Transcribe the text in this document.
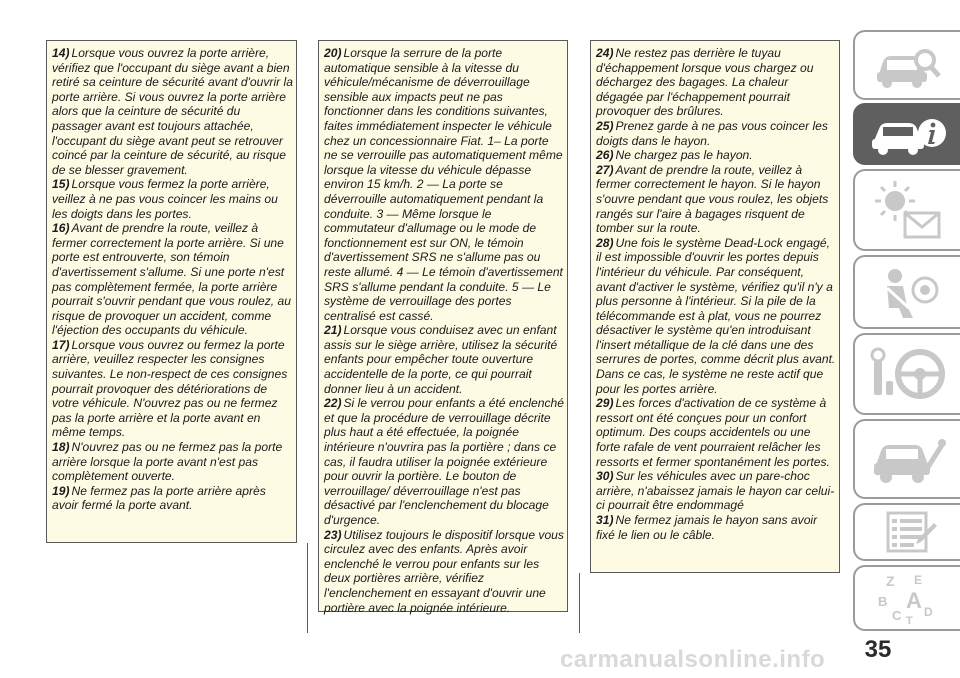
14) Lorsque vous ouvrez la porte arrière, vérifiez que l'occupant du siège avant a bien retiré sa ceinture de sécurité avant d'ouvrir la porte arrière. Si vous ouvrez la porte arrière alors que la ceinture de sécurité du passager avant est toujours attachée, l'occupant du siège avant peut se retrouver coincé par la ceinture de sécurité, au risque de se blesser gravement.

15) Lorsque vous fermez la porte arrière, veillez à ne pas vous coincer les mains ou les doigts dans les portes.

16) Avant de prendre la route, veillez à fermer correctement la porte arrière. Si une porte est entrouverte, son témoin d'avertissement s'allume. Si une porte n'est pas complètement fermée, la porte arrière pourrait s'ouvrir pendant que vous roulez, au risque de provoquer un accident, comme l'éjection des occupants du véhicule.

17) Lorsque vous ouvrez ou fermez la porte arrière, veuillez respecter les consignes suivantes. Le non-respect de ces consignes pourrait provoquer des détériorations de votre véhicule. N'ouvrez pas ou ne fermez pas la porte arrière et la porte avant en même temps.

18) N'ouvrez pas ou ne fermez pas la porte arrière lorsque la porte avant n'est pas complètement ouverte.

19) Ne fermez pas la porte arrière après avoir fermé la porte avant.

20) Lorsque la serrure de la porte automatique sensible à la vitesse du véhicule/mécanisme de déverrouillage sensible aux impacts peut ne pas fonctionner dans les conditions suivantes, faites immédiatement inspecter le véhicule chez un concessionnaire Fiat. 1– La porte ne se verrouille pas automatiquement même lorsque la vitesse du véhicule dépasse environ 15 km/h. 2 — La porte se déverrouille automatiquement pendant la conduite. 3 — Même lorsque le commutateur d'allumage ou le mode de fonctionnement est sur ON, le témoin d'avertissement SRS ne s'allume pas ou reste allumé. 4 — Le témoin d'avertissement SRS s'allume pendant la conduite. 5 — Le système de verrouillage des portes centralisé est cassé.

21) Lorsque vous conduisez avec un enfant assis sur le siège arrière, utilisez la sécurité enfants pour empêcher toute ouverture accidentelle de la porte, ce qui pourrait donner lieu à un accident.

22) Si le verrou pour enfants a été enclenché et que la procédure de verrouillage décrite plus haut a été effectuée, la poignée intérieure n'ouvrira pas la portière ; dans ce cas, il faudra utiliser la poignée extérieure pour ouvrir la portière. Le bouton de verrouillage/ déverrouillage n'est pas désactivé par l'enclenchement du blocage d'urgence.

23) Utilisez toujours le dispositif lorsque vous circulez avec des enfants. Après avoir enclenché le verrou pour enfants sur les deux portières arrière, vérifiez l'enclenchement en essayant d'ouvrir une portière avec la poignée intérieure.

24) Ne restez pas derrière le tuyau d'échappement lorsque vous chargez ou déchargez des bagages. La chaleur dégagée par l'échappement pourrait provoquer des brûlures.

25) Prenez garde à ne pas vous coincer les doigts dans le hayon.

26) Ne chargez pas le hayon.

27) Avant de prendre la route, veillez à fermer correctement le hayon. Si le hayon s'ouvre pendant que vous roulez, les objets rangés sur l'aire à bagages risquent de tomber sur la route.

28) Une fois le système Dead-Lock engagé, il est impossible d'ouvrir les portes depuis l'intérieur du véhicule. Par conséquent, avant d'activer le système, vérifiez qu'il n'y a plus personne à l'intérieur. Si la pile de la télécommande est à plat, vous ne pourrez désactiver le système qu'en introduisant l'insert métallique de la clé dans une des serrures de portes, comme décrit plus avant. Dans ce cas, le système ne reste actif que pour les portes arrière.

29) Les forces d'activation de ce système à ressort ont été conçues pour un confort optimum. Des coups accidentels ou une forte rafale de vent pourraient relâcher les ressorts et fermer spontanément les portes.

30) Sur les véhicules avec un pare-choc arrière, n'abaissez jamais le hayon car celui-ci pourrait être endommagé

31) Ne fermez jamais le hayon sans avoir fixé le lien ou le câble.

Z E
B A
C D
T
35
carmanualsonline.info
